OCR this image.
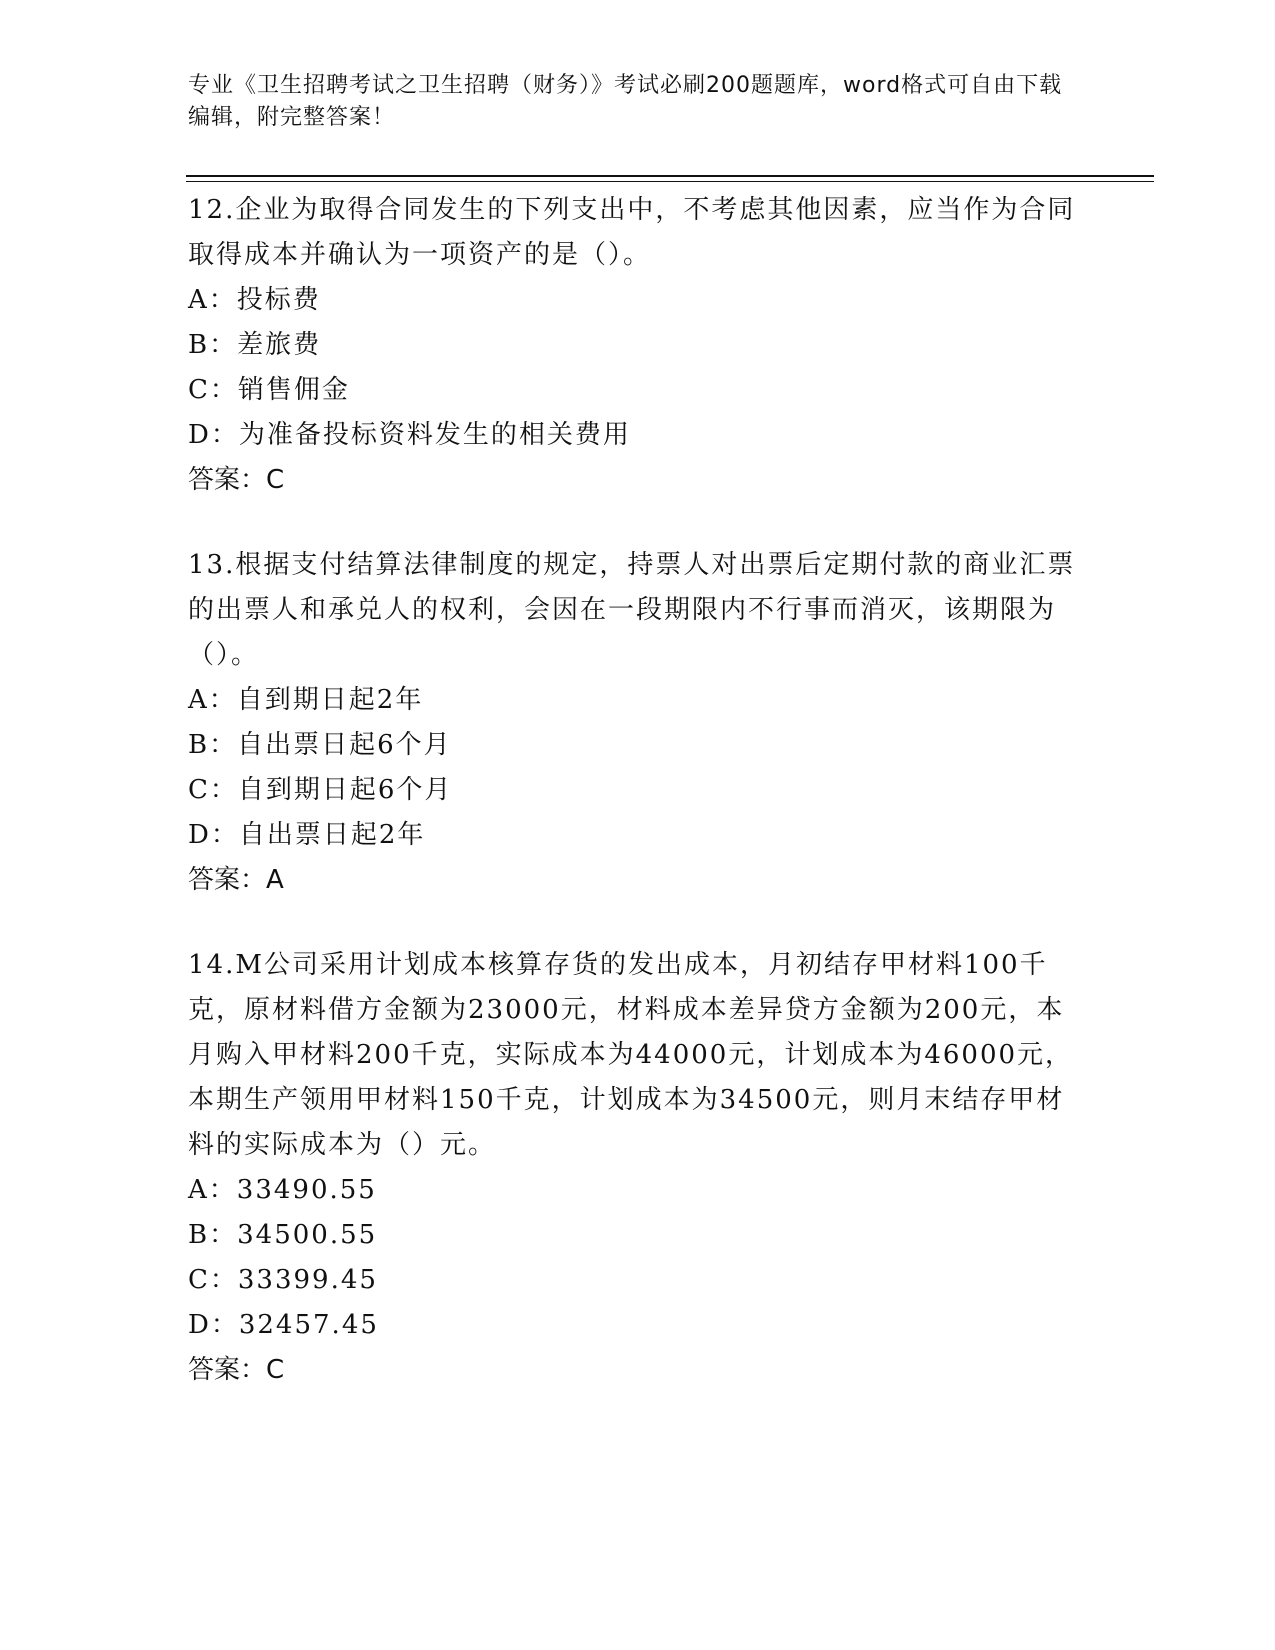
专业《卫生招聘考试之卫生招聘（财务）》考试必刷200题题库，word格式可自由下载编辑，附完整答案！

12.企业为取得合同发生的下列支出中，不考虑其他因素，应当作为合同取得成本并确认为一项资产的是（）。

A：投标费

B：差旅费

C：销售佣金

D：为准备投标资料发生的相关费用

答案：C

13.根据支付结算法律制度的规定，持票人对出票后定期付款的商业汇票的出票人和承兑人的权利，会因在一段期限内不行事而消灭，该期限为（）。

A：自到期日起2年

B：自出票日起6个月

C：自到期日起6个月

D：自出票日起2年

答案：A

14.M公司采用计划成本核算存货的发出成本，月初结存甲材料100千克，原材料借方金额为23000元，材料成本差异贷方金额为200元，本月购入甲材料200千克，实际成本为44000元，计划成本为46000元，本期生产领用甲材料150千克，计划成本为34500元，则月末结存甲材料的实际成本为（）元。

A：33490.55

B：34500.55

C：33399.45

D：32457.45

答案：C
